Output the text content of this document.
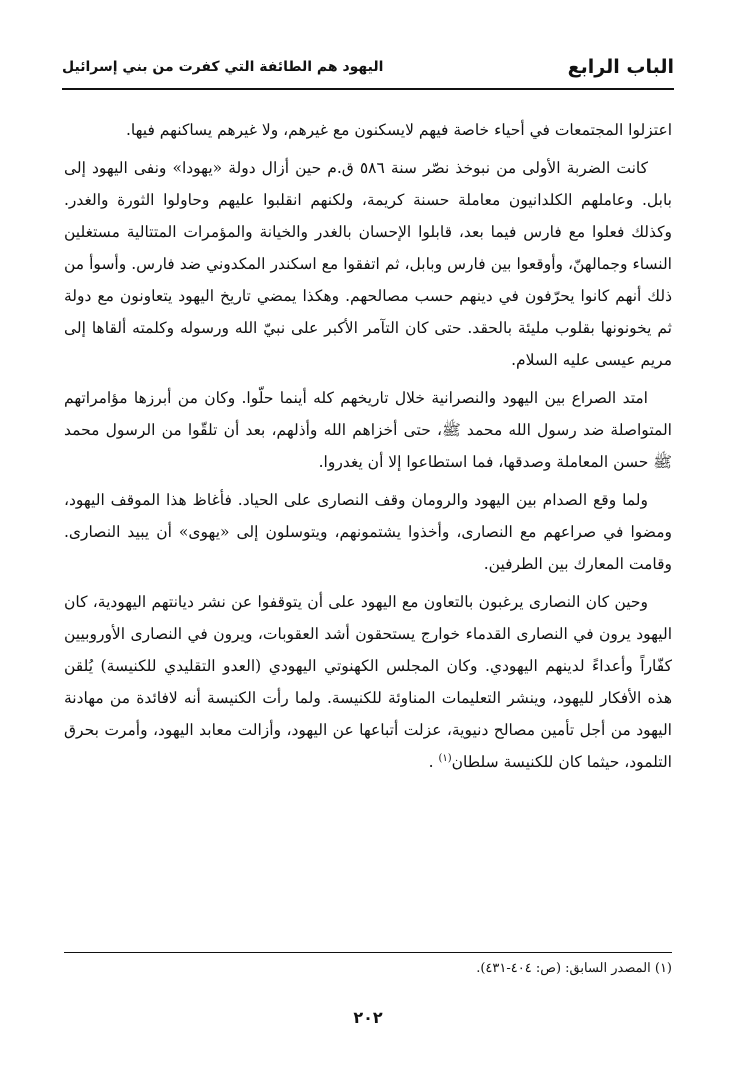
الباب الرابع
اليهود هم الطائفة التي كفرت من بني إسرائيل

اعتزلوا المجتمعات في أحياء خاصة فيهم لايسكنون مع غيرهم، ولا غيرهم يساكنهم فيها.

كانت الضربة الأولى من نبوخذ نصّر سنة ٥٨٦ ق.م حين أزال دولة «يهودا» ونفى اليهود إلى بابل. وعاملهم الكلدانيون معاملة حسنة كريمة، ولكنهم انقلبوا عليهم وحاولوا الثورة والغدر. وكذلك فعلوا مع فارس فيما بعد، قابلوا الإحسان بالغدر والخيانة والمؤمرات المتتالية مستغلين النساء وجمالهنّ، وأوقعوا بين فارس وبابل، ثم اتفقوا مع اسكندر المكدوني ضد فارس. وأسوأ من ذلك أنهم كانوا يحرّفون في دينهم حسب مصالحهم. وهكذا يمضي تاريخ اليهود يتعاونون مع دولة ثم يخونونها بقلوب مليئة بالحقد. حتى كان التآمر الأكبر على نبيّ الله ورسوله وكلمته ألقاها إلى مريم عيسى عليه السلام.

امتد الصراع بين اليهود والنصرانية خلال تاريخهم كله أينما حلّوا. وكان من أبرزها مؤامراتهم المتواصلة ضد رسول الله محمد ﷺ، حتى أخزاهم الله وأذلهم، بعد أن تلقّوا من الرسول محمد ﷺ حسن المعاملة وصدقها، فما استطاعوا إلا أن يغدروا.

ولما وقع الصدام بين اليهود والرومان وقف النصارى على الحياد. فأغاظ هذا الموقف اليهود، ومضوا في صراعهم مع النصارى، وأخذوا يشتمونهم، ويتوسلون إلى «يهوى» أن يبيد النصارى. وقامت المعارك بين الطرفين.

وحين كان النصارى يرغبون بالتعاون مع اليهود على أن يتوقفوا عن نشر ديانتهم اليهودية، كان اليهود يرون في النصارى القدماء خوارج يستحقون أشد العقوبات، ويرون في النصارى الأوروبيين كفّاراً وأعداءً لدينهم اليهودي. وكان المجلس الكهنوتي اليهودي (العدو التقليدي للكنيسة) يُلقن هذه الأفكار لليهود، وينشر التعليمات المناوئة للكنيسة. ولما رأت الكنيسة أنه لافائدة من مهادنة اليهود من أجل تأمين مصالح دنيوية، عزلت أتباعها عن اليهود، وأزالت معابد اليهود، وأمرت بحرق التلمود، حيثما كان للكنيسة سلطان$^{(١)}$ .

(١) المصدر السابق: (ص: ٤٠٤-٤٣١).
٢٠٢
